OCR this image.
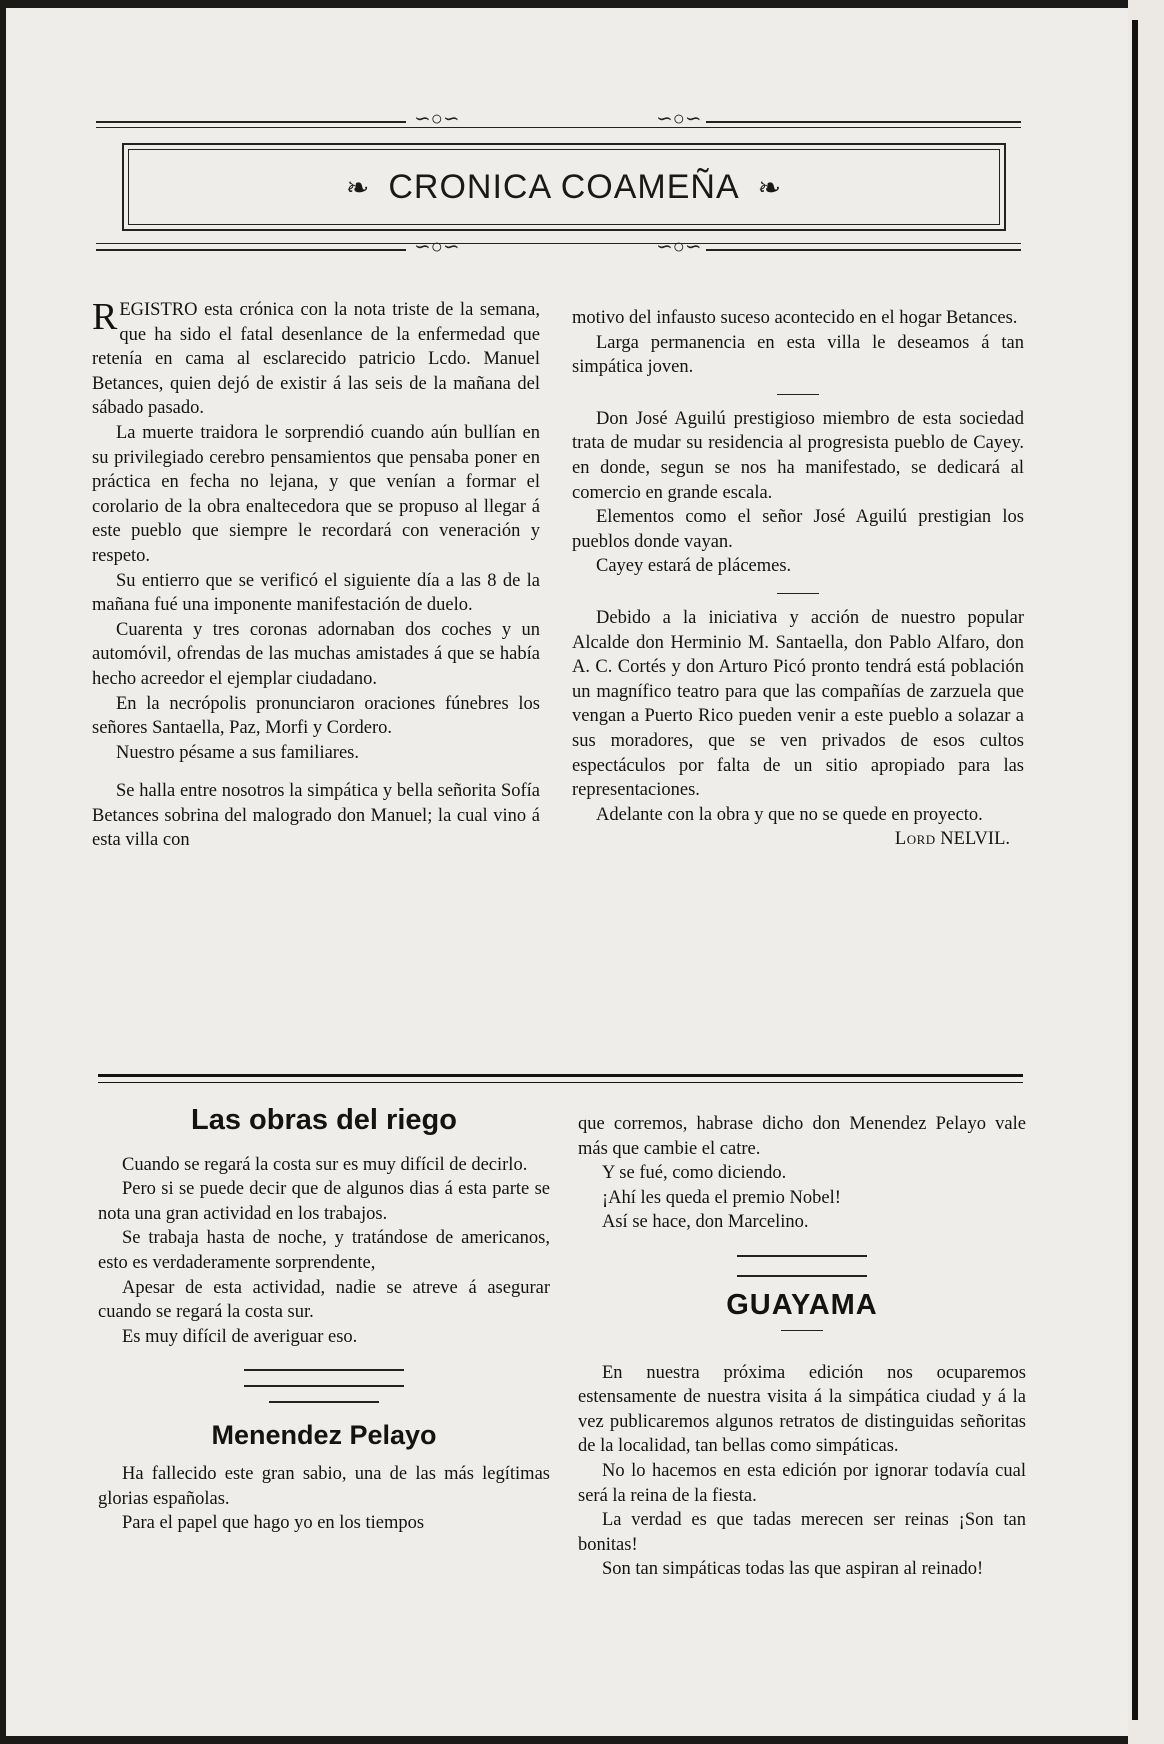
∽○∽	∽○∽
❧ CRONICA COAMEÑA ❧
∽○∽	∽○∽

REGISTRO esta crónica con la nota triste de la semana, que ha sido el fatal desenlance de la enfermedad que retenía en cama al esclarecido patricio Lcdo. Manuel Betances, quien dejó de existir á las seis de la mañana del sábado pasado.

La muerte traidora le sorprendió cuando aún bullían en su privilegiado cerebro pensamientos que pensaba poner en práctica en fecha no lejana, y que venían a formar el corolario de la obra enaltecedora que se propuso al llegar á este pueblo que siempre le recordará con veneración y respeto.

Su entierro que se verificó el siguiente día a las 8 de la mañana fué una imponente manifestación de duelo.

Cuarenta y tres coronas adornaban dos coches y un automóvil, ofrendas de las muchas amistades á que se había hecho acreedor el ejemplar ciudadano.

En la necrópolis pronunciaron oraciones fúnebres los señores Santaella, Paz, Morfi y Cordero.

Nuestro pésame a sus familiares.

Se halla entre nosotros la simpática y bella señorita Sofía Betances sobrina del malogrado don Manuel; la cual vino á esta villa con

motivo del infausto suceso acontecido en el hogar Betances.

Larga permanencia en esta villa le deseamos á tan simpática joven.

Don José Aguilú prestigioso miembro de esta sociedad trata de mudar su residencia al progresista pueblo de Cayey. en donde, segun se nos ha manifestado, se dedicará al comercio en grande escala.

Elementos como el señor José Aguilú prestigian los pueblos donde vayan.

Cayey estará de plácemes.

Debido a la iniciativa y acción de nuestro popular Alcalde don Herminio M. Santaella, don Pablo Alfaro, don A. C. Cortés y don Arturo Picó pronto tendrá está población un magnífico teatro para que las compañías de zarzuela que vengan a Puerto Rico pueden venir a este pueblo a solazar a sus moradores, que se ven privados de esos cultos espectáculos por falta de un sitio apropiado para las representaciones.

Adelante con la obra y que no se quede en proyecto.

Lord NELVIL.

Las obras del riego

Cuando se regará la costa sur es muy difícil de decirlo.

Pero si se puede decir que de algunos dias á esta parte se nota una gran actividad en los trabajos.

Se trabaja hasta de noche, y tratándose de americanos, esto es verdaderamente sorprendente,

Apesar de esta actividad, nadie se atreve á asegurar cuando se regará la costa sur.

Es muy difícil de averiguar eso.

Menendez Pelayo

Ha fallecido este gran sabio, una de las más legítimas glorias españolas.

Para el papel que hago yo en los tiempos

que corremos, habrase dicho don Menendez Pelayo vale más que cambie el catre.

Y se fué, como diciendo.

¡Ahí les queda el premio Nobel!

Así se hace, don Marcelino.

GUAYAMA

En nuestra próxima edición nos ocuparemos estensamente de nuestra visita á la simpática ciudad y á la vez publicaremos algunos retratos de distinguidas señoritas de la localidad, tan bellas como simpáticas.

No lo hacemos en esta edición por ignorar todavía cual será la reina de la fiesta.

La verdad es que tadas merecen ser reinas ¡Son tan bonitas!

Son tan simpáticas todas las que aspiran al reinado!
